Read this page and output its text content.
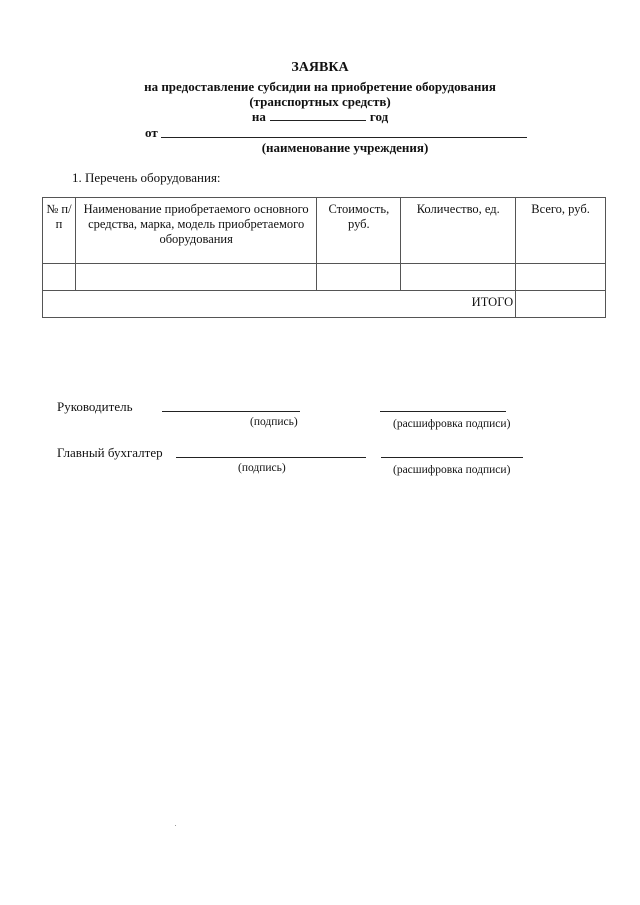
ЗАЯВКА
на предоставление субсидии на приобретение оборудования
(транспортных средств)
на	год
от
(наименование учреждения)
1. Перечень оборудования:
№ п/п	Наименование приобретаемого основного средства, марка, модель приобретаемого оборудования	Стоимость, руб.	Количество, ед.	Всего, руб.

ИТОГО				
Руководитель
(подпись)	(расшифровка подписи)
Главный бухгалтер
(подпись)	(расшифровка подписи)
